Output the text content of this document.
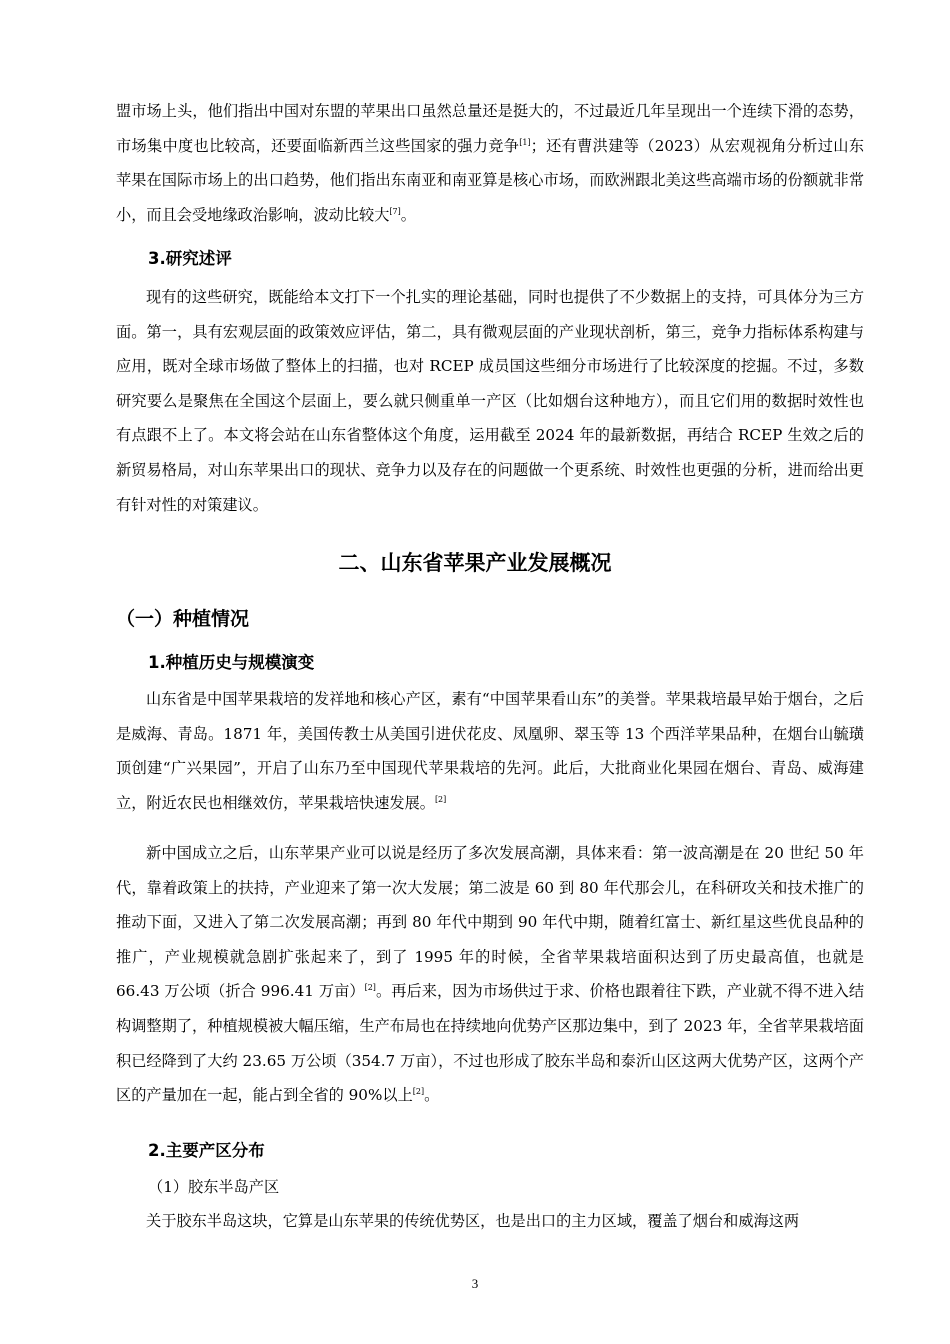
盟市场上头，他们指出中国对东盟的苹果出口虽然总量还是挺大的，不过最近几年呈现出一个连续下滑的态势，市场集中度也比较高，还要面临新西兰这些国家的强力竞争[1]；还有曹洪建等（2023）从宏观视角分析过山东苹果在国际市场上的出口趋势，他们指出东南亚和南亚算是核心市场，而欧洲跟北美这些高端市场的份额就非常小，而且会受地缘政治影响，波动比较大[7]。

3.研究述评

现有的这些研究，既能给本文打下一个扎实的理论基础，同时也提供了不少数据上的支持，可具体分为三方面。第一，具有宏观层面的政策效应评估，第二，具有微观层面的产业现状剖析，第三，竞争力指标体系构建与应用，既对全球市场做了整体上的扫描，也对 RCEP 成员国这些细分市场进行了比较深度的挖掘。不过，多数研究要么是聚焦在全国这个层面上，要么就只侧重单一产区（比如烟台这种地方），而且它们用的数据时效性也有点跟不上了。本文将会站在山东省整体这个角度，运用截至 2024 年的最新数据，再结合 RCEP 生效之后的新贸易格局，对山东苹果出口的现状、竞争力以及存在的问题做一个更系统、时效性也更强的分析，进而给出更有针对性的对策建议。

二、山东省苹果产业发展概况
（一）种植情况
1.种植历史与规模演变

山东省是中国苹果栽培的发祥地和核心产区，素有“中国苹果看山东”的美誉。苹果栽培最早始于烟台，之后是威海、青岛。1871 年，美国传教士从美国引进伏花皮、凤凰卵、翠玉等 13 个西洋苹果品种，在烟台山毓璜顶创建“广兴果园”，开启了山东乃至中国现代苹果栽培的先河。此后，大批商业化果园在烟台、青岛、威海建立，附近农民也相继效仿，苹果栽培快速发展。[2]

新中国成立之后，山东苹果产业可以说是经历了多次发展高潮，具体来看：第一波高潮是在 20 世纪 50 年代，靠着政策上的扶持，产业迎来了第一次大发展；第二波是 60 到 80 年代那会儿，在科研攻关和技术推广的推动下面，又进入了第二次发展高潮；再到 80 年代中期到 90 年代中期，随着红富士、新红星这些优良品种的推广，产业规模就急剧扩张起来了，到了 1995 年的时候，全省苹果栽培面积达到了历史最高值，也就是 66.43 万公顷（折合 996.41 万亩）[2]。再后来，因为市场供过于求、价格也跟着往下跌，产业就不得不进入结构调整期了，种植规模被大幅压缩，生产布局也在持续地向优势产区那边集中，到了 2023 年，全省苹果栽培面积已经降到了大约 23.65 万公顷（354.7 万亩），不过也形成了胶东半岛和泰沂山区这两大优势产区，这两个产区的产量加在一起，能占到全省的 90%以上[2]。

2.主要产区分布

（1）胶东半岛产区

关于胶东半岛这块，它算是山东苹果的传统优势区，也是出口的主力区域，覆盖了烟台和威海这两

3
